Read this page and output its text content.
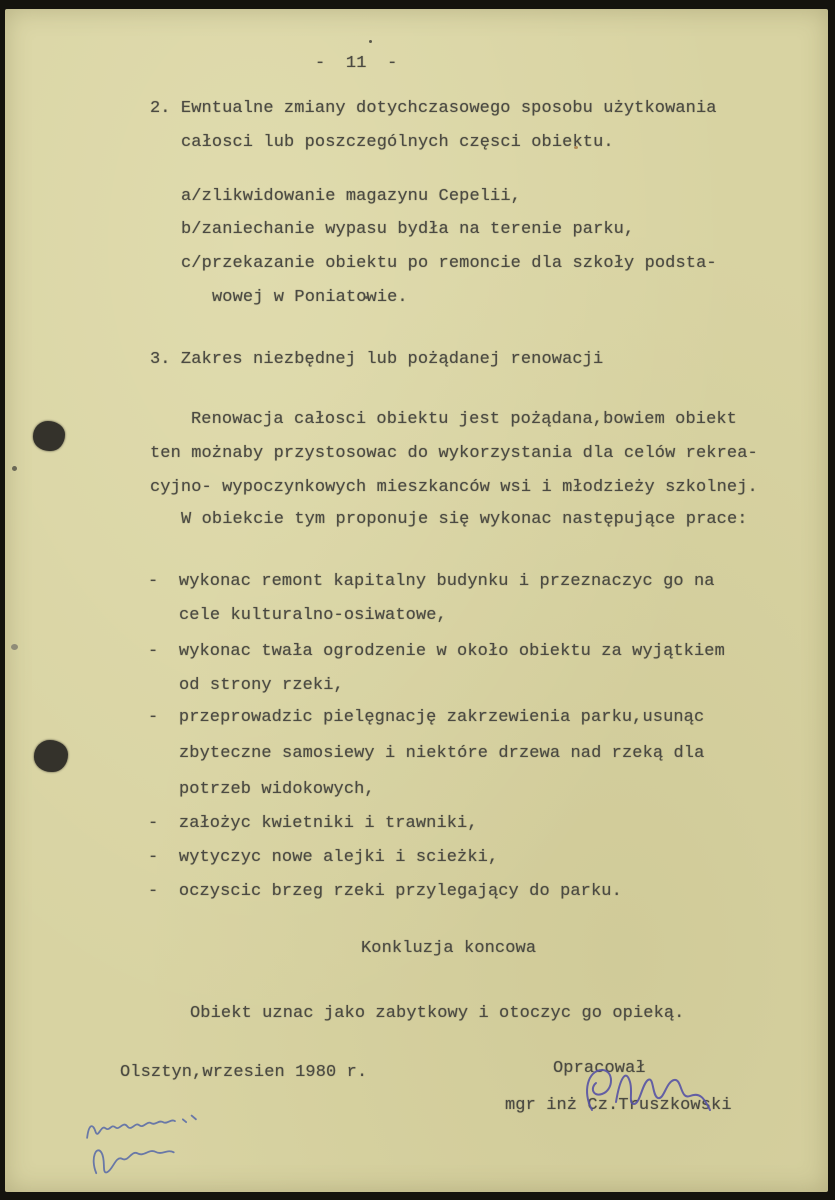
-  11  -
2. Ewntualne zmiany dotychczasowego sposobu użytkowania
całosci lub poszczególnych częsci obiektu.
a/zlikwidowanie magazynu Cepelii,
b/zaniechanie wypasu bydła na terenie parku,
c/przekazanie obiektu po remoncie dla szkoły podsta-
wowej w Poniatowie.
3. Zakres niezbędnej lub pożądanej renowacji
Renowacja całosci obiektu jest pożądana,bowiem obiekt
ten możnaby przystosowac do wykorzystania dla celów rekrea-
cyjno- wypoczynkowych mieszkanców wsi i młodzieży szkolnej.
W obiekcie tym proponuje się wykonac następujące prace:
-  wykonac remont kapitalny budynku i przeznaczyc go na
cele kulturalno-osiwatowe,
-  wykonac twała ogrodzenie w około obiektu za wyjątkiem
od strony rzeki,
-  przeprowadzic pielęgnację zakrzewienia parku,usunąc
zbyteczne samosiewy i niektóre drzewa nad rzeką dla
potrzeb widokowych,
-  założyc kwietniki i trawniki,
-  wytyczyc nowe alejki i scieżki,
-  oczyscic brzeg rzeki przylegający do parku.
Konkluzja koncowa
Obiekt uznac jako zabytkowy i otoczyc go opieką.
Olsztyn,wrzesien 1980 r.	Opracował
mgr inż Cz.Truszkowski
